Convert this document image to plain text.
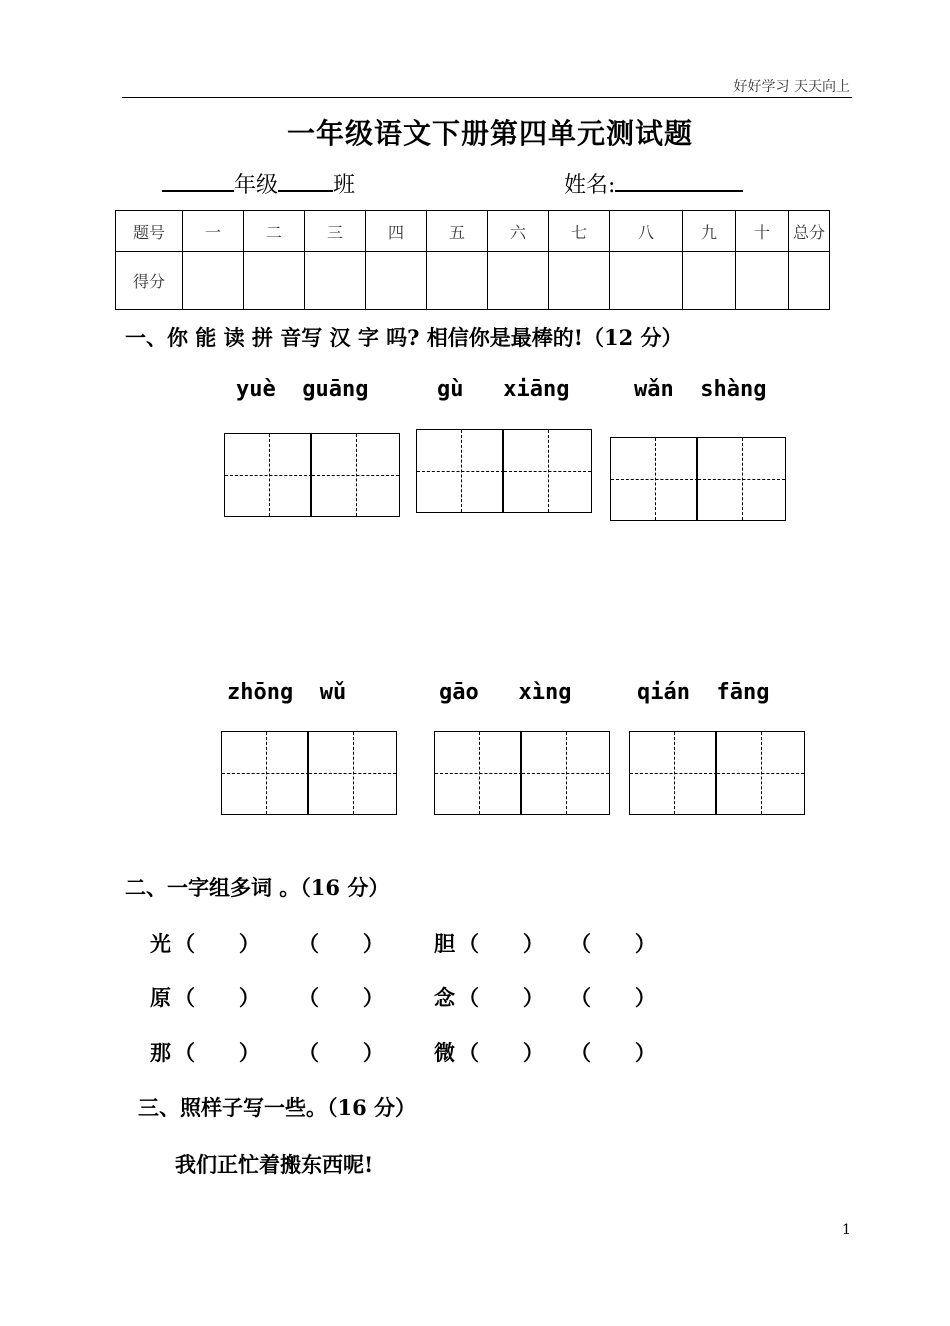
好好学习 天天向上
一年级语文下册第四单元测试题
年级	班	姓名:
题号	一	二	三	四	五	六	七	八	九	十	总分
得分											
一、你 能 读 拼 音写 汉 字 吗? 相信你是最棒的!（12 分）
yuè  guāng	gù   xiāng	wǎn  shàng
zhōng  wǔ	gāo   xìng	qián  fāng
二、一字组多词 。（16 分）
光 （      ） （      ） 胆 （      ） （      ）
原 （      ） （      ） 念 （      ） （      ）
那 （      ） （      ） 微 （      ） （      ）
三、照样子写一些。（16 分）
我们正忙着搬东西呢!
1
